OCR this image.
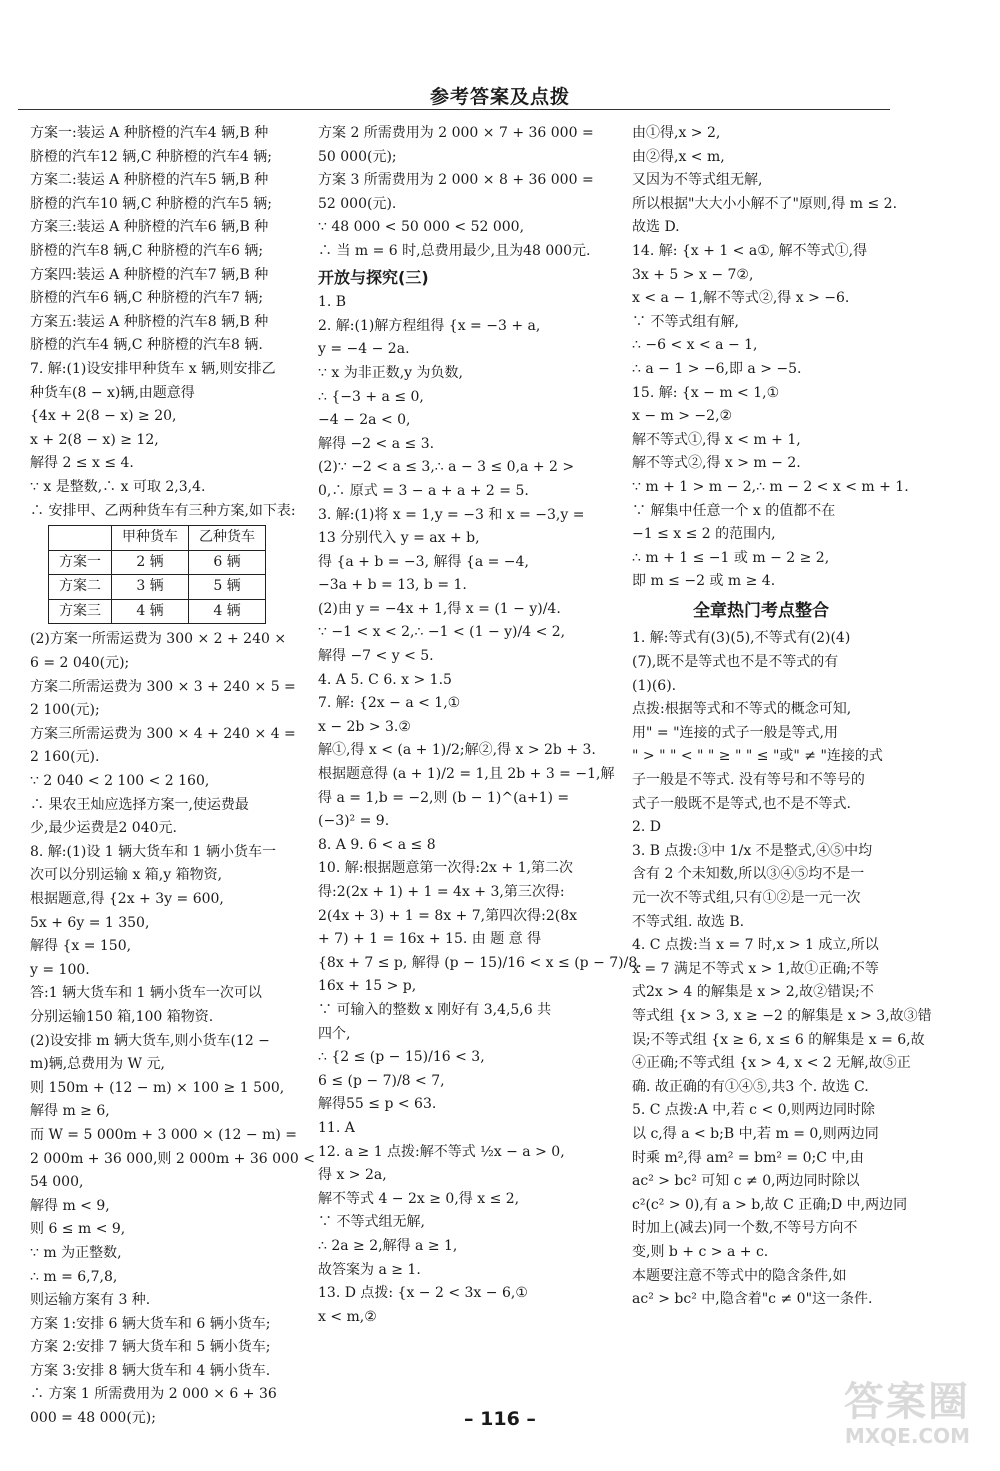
参考答案及点拨
方案一:装运 A 种脐橙的汽车4 辆,B 种
脐橙的汽车12 辆,C 种脐橙的汽车4 辆;
方案二:装运 A 种脐橙的汽车5 辆,B 种
脐橙的汽车10 辆,C 种脐橙的汽车5 辆;
方案三:装运 A 种脐橙的汽车6 辆,B 种
脐橙的汽车8 辆,C 种脐橙的汽车6 辆;
方案四:装运 A 种脐橙的汽车7 辆,B 种
脐橙的汽车6 辆,C 种脐橙的汽车7 辆;
方案五:装运 A 种脐橙的汽车8 辆,B 种
脐橙的汽车4 辆,C 种脐橙的汽车8 辆.
7. 解:(1)设安排甲种货车 x 辆,则安排乙
种货车(8 − x)辆,由题意得
{4x + 2(8 − x) ≥ 20,
x + 2(8 − x) ≥ 12,
解得 2 ≤ x ≤ 4.
∵ x 是整数,∴ x 可取 2,3,4.
∴ 安排甲、乙两种货车有三种方案,如下表:
	甲种货车	乙种货车
方案一	2 辆	6 辆
方案二	3 辆	5 辆
方案三	4 辆	4 辆
(2)方案一所需运费为 300 × 2 + 240 ×
6 = 2 040(元);
方案二所需运费为 300 × 3 + 240 × 5 =
2 100(元);
方案三所需运费为 300 × 4 + 240 × 4 =
2 160(元).
∵ 2 040 < 2 100 < 2 160,
∴ 果农王灿应选择方案一,使运费最
少,最少运费是2 040元.
8. 解:(1)设 1 辆大货车和 1 辆小货车一
次可以分别运输 x 箱,y 箱物资,
根据题意,得 {2x + 3y = 600,
5x + 6y = 1 350,
解得 {x = 150,
y = 100.
答:1 辆大货车和 1 辆小货车一次可以
分别运输150 箱,100 箱物资.
(2)设安排 m 辆大货车,则小货车(12 −
m)辆,总费用为 W 元,
则 150m + (12 − m) × 100 ≥ 1 500,
解得 m ≥ 6,
而 W = 5 000m + 3 000 × (12 − m) =
2 000m + 36 000,则 2 000m + 36 000 <
54 000,
解得 m < 9,
则 6 ≤ m < 9,
∵ m 为正整数,
∴ m = 6,7,8,
则运输方案有 3 种.
方案 1:安排 6 辆大货车和 6 辆小货车;
方案 2:安排 7 辆大货车和 5 辆小货车;
方案 3:安排 8 辆大货车和 4 辆小货车.
∴ 方案 1 所需费用为 2 000 × 6 + 36
000 = 48 000(元);
方案 2 所需费用为 2 000 × 7 + 36 000 =
50 000(元);
方案 3 所需费用为 2 000 × 8 + 36 000 =
52 000(元).
∵ 48 000 < 50 000 < 52 000,
∴ 当 m = 6 时,总费用最少,且为48 000元.
开放与探究(三)
1. B
2. 解:(1)解方程组得 {x = −3 + a,
y = −4 − 2a.
∵ x 为非正数,y 为负数,
∴ {−3 + a ≤ 0,
−4 − 2a < 0,
解得 −2 < a ≤ 3.
(2)∵ −2 < a ≤ 3,∴ a − 3 ≤ 0,a + 2 >
0,∴ 原式 = 3 − a + a + 2 = 5.
3. 解:(1)将 x = 1,y = −3 和 x = −3,y =
13 分别代入 y = ax + b,
得 {a + b = −3, 解得 {a = −4,
−3a + b = 13, b = 1.
(2)由 y = −4x + 1,得 x = (1 − y)/4.
∵ −1 < x < 2,∴ −1 < (1 − y)/4 < 2,
解得 −7 < y < 5.
4. A 5. C 6. x > 1.5
7. 解: {2x − a < 1,①
x − 2b > 3.②
解①,得 x < (a + 1)/2;解②,得 x > 2b + 3.
根据题意得 (a + 1)/2 = 1,且 2b + 3 = −1,解
得 a = 1,b = −2,则 (b − 1)^(a+1) =
(−3)² = 9.
8. A 9. 6 < a ≤ 8
10. 解:根据题意第一次得:2x + 1,第二次
得:2(2x + 1) + 1 = 4x + 3,第三次得:
2(4x + 3) + 1 = 8x + 7,第四次得:2(8x
+ 7) + 1 = 16x + 15. 由 题 意 得
{8x + 7 ≤ p, 解得 (p − 15)/16 < x ≤ (p − 7)/8.
16x + 15 > p,
∵ 可输入的整数 x 刚好有 3,4,5,6 共
四个,
∴ {2 ≤ (p − 15)/16 < 3,
6 ≤ (p − 7)/8 < 7,
解得55 ≤ p < 63.
11. A
12. a ≥ 1 点拨:解不等式 ½x − a > 0,
得 x > 2a,
解不等式 4 − 2x ≥ 0,得 x ≤ 2,
∵ 不等式组无解,
∴ 2a ≥ 2,解得 a ≥ 1,
故答案为 a ≥ 1.
13. D 点拨: {x − 2 < 3x − 6,①
x < m,②
由①得,x > 2,
由②得,x < m,
又因为不等式组无解,
所以根据"大大小小解不了"原则,得 m ≤ 2.
故选 D.
14. 解: {x + 1 < a①, 解不等式①,得
3x + 5 > x − 7②,
x < a − 1,解不等式②,得 x > −6.
∵ 不等式组有解,
∴ −6 < x < a − 1,
∴ a − 1 > −6,即 a > −5.
15. 解: {x − m < 1,①
x − m > −2,②
解不等式①,得 x < m + 1,
解不等式②,得 x > m − 2.
∵ m + 1 > m − 2,∴ m − 2 < x < m + 1.
∵ 解集中任意一个 x 的值都不在
−1 ≤ x ≤ 2 的范围内,
∴ m + 1 ≤ −1 或 m − 2 ≥ 2,
即 m ≤ −2 或 m ≥ 4.
全章热门考点整合
1. 解:等式有(3)(5),不等式有(2)(4)
(7),既不是等式也不是不等式的有
(1)(6).
点拨:根据等式和不等式的概念可知,
用" = "连接的式子一般是等式,用
" > " " < " " ≥ " " ≤ "或" ≠ "连接的式
子一般是不等式. 没有等号和不等号的
式子一般既不是等式,也不是不等式.
2. D
3. B 点拨:③中 1/x 不是整式,④⑤中均
含有 2 个未知数,所以③④⑤均不是一
元一次不等式组,只有①②是一元一次
不等式组. 故选 B.
4. C 点拨:当 x = 7 时,x > 1 成立,所以
x = 7 满足不等式 x > 1,故①正确;不等
式2x > 4 的解集是 x > 2,故②错误;不
等式组 {x > 3, x ≥ −2 的解集是 x > 3,故③错
误;不等式组 {x ≥ 6, x ≤ 6 的解集是 x = 6,故
④正确;不等式组 {x > 4, x < 2 无解,故⑤正
确. 故正确的有①④⑤,共3 个. 故选 C.
5. C 点拨:A 中,若 c < 0,则两边同时除
以 c,得 a < b;B 中,若 m = 0,则两边同
时乘 m²,得 am² = bm² = 0;C 中,由
ac² > bc² 可知 c ≠ 0,两边同时除以
c²(c² > 0),有 a > b,故 C 正确;D 中,两边同
时加上(减去)同一个数,不等号方向不
变,则 b + c > a + c.
本题要注意不等式中的隐含条件,如
ac² > bc² 中,隐含着"c ≠ 0"这一条件.
– 116 –	答案圈
MXQE.COM
